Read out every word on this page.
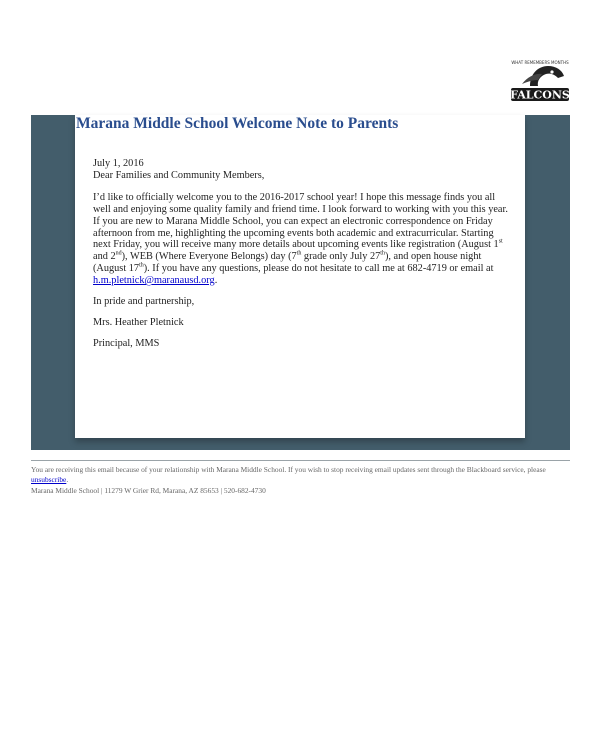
WHAT REMEMBERS MONTHS
FALCONS
Marana Middle School Welcome Note to Parents

July 1, 2016

Dear Families and Community Members,

I’d like to officially welcome you to the 2016-2017 school year! I hope this message finds you all well and enjoying some quality family and friend time. I look forward to working with you this year. If you are new to Marana Middle School, you can expect an electronic correspondence on Friday afternoon from me, highlighting the upcoming events both academic and extracurricular. Starting next Friday, you will receive many more details about upcoming events like registration (August 1st and 2nd), WEB (Where Everyone Belongs) day (7th grade only July 27th), and open house night (August 17th). If you have any questions, please do not hesitate to call me at 682-4719 or email at h.m.pletnick@maranausd.org.

In pride and partnership,

Mrs. Heather Pletnick

Principal, MMS

You are receiving this email because of your relationship with Marana Middle School. If you wish to stop receiving email updates sent through the Blackboard service, please unsubscribe.

Marana Middle School | 11279 W Grier Rd, Marana, AZ 85653 | 520-682-4730
